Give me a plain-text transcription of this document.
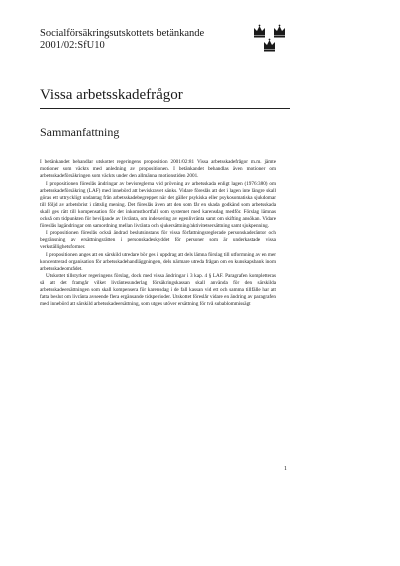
Socialförsäkringsutskottets betänkande
2001/02:SfU10
Vissa arbetsskadefrågor
Sammanfattning

I betänkandet behandlar utskottet regeringens proposition 2001/02:81 Vissa arbetsskadefrågor m.m. jämte motioner som väckts med anledning av propositionen. I betänkandet behandlas även motioner om arbetsskadeförsäkringen som väckts under den allmänna motionstiden 2001.

I propositionen föreslås ändringar av bevisreglerna vid prövning av arbetsskada enligt lagen (1976:380) om arbetsskadeförsäkring (LAF) med innebörd att beviskravet sänks. Vidare föreslås att det i lagen inte längre skall göras ett uttryckligt undantag från arbetsskadebegreppet när det gäller psykiska eller psykosomatiska sjukdomar till följd av arbetsbrist i rättslig mening. Det föreslås även att den som får en skada godkänd som arbetsskada skall ges rätt till kompensation för det inkomstbortfall som systemet med karensdag medför. Förslag lämnas också om tidpunkten för beviljande av livränta, om indexering av egenlivränta samt om skifting ansökan. Vidare föreslås lagändringar om samordning mellan livränta och sjukersättning/aktivitetsersättning samt sjukpenning.

I propositionen föreslås också ändrad beslutsinstans för vissa författningsreglerade personskaderäntor och begränsning av ersättningsrätten i personskadeskyddet för personer som är underkastade vissa verkställighetsformer.

I propositionen anges att en särskild utredare bör ges i uppdrag att dels lämna förslag till utformning av en mer koncentrerad organisation för arbetsskadehandläggningen, dels närmare utreda frågan om en kunskapsbank inom arbetsskadeområdet.

Utskottet tillstyrker regeringens förslag, dock med vissa ändringar i 3 kap. 4 § LAF. Paragrafen kompletteras så att det framgår vilket livräntesunderlag försäkringskassan skall använda för den särskilda arbetsskadeersättningen som skall kompensera för karensdag i de fall kassan vid ett och samma tillfälle har att fatta beslut om livränta avseende flera ergänsande tidsperioder. Utskottet föreslår vidare en ändring av paragrafen med innebörd att särskild arbetsskadeersättning, som utges utöver ersättning för två subablommissägt

1
